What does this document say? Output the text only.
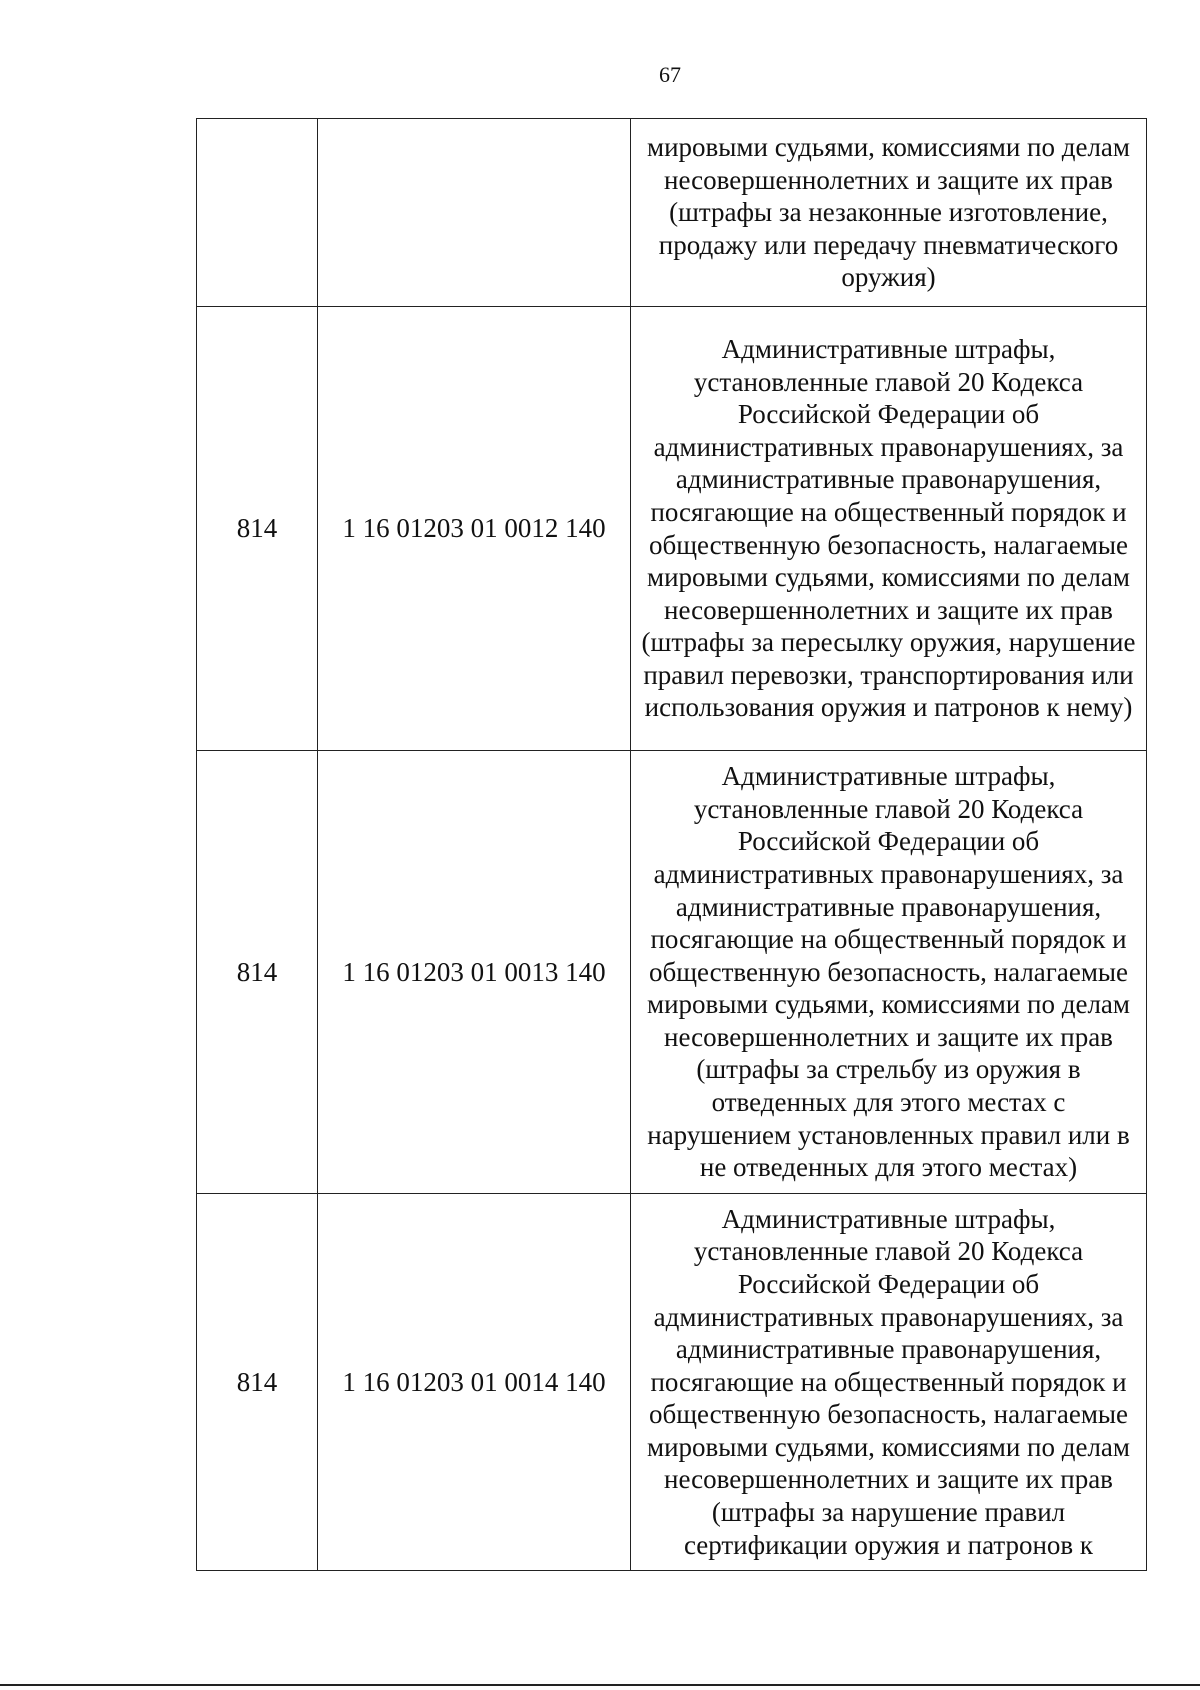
67
		мировыми судьями, комиссиями по делам несовершеннолетних и защите их прав (штрафы за незаконные изготовление, продажу или передачу пневматического оружия)
814	1 16 01203 01 0012 140	Административные штрафы, установленные главой 20 Кодекса Российской Федерации об административных правонарушениях, за административные правонарушения, посягающие на общественный порядок и общественную безопасность, налагаемые мировыми судьями, комиссиями по делам несовершеннолетних и защите их прав (штрафы за пересылку оружия, нарушение правил перевозки, транспортирования или использования оружия и патронов к нему)
814	1 16 01203 01 0013 140	Административные штрафы, установленные главой 20 Кодекса Российской Федерации об административных правонарушениях, за административные правонарушения, посягающие на общественный порядок и общественную безопасность, налагаемые мировыми судьями, комиссиями по делам несовершеннолетних и защите их прав (штрафы за стрельбу из оружия в отведенных для этого местах с нарушением установленных правил или в не отведенных для этого местах)
814	1 16 01203 01 0014 140	Административные штрафы, установленные главой 20 Кодекса Российской Федерации об административных правонарушениях, за административные правонарушения, посягающие на общественный порядок и общественную безопасность, налагаемые мировыми судьями, комиссиями по делам несовершеннолетних и защите их прав (штрафы за нарушение правил сертификации оружия и патронов к
